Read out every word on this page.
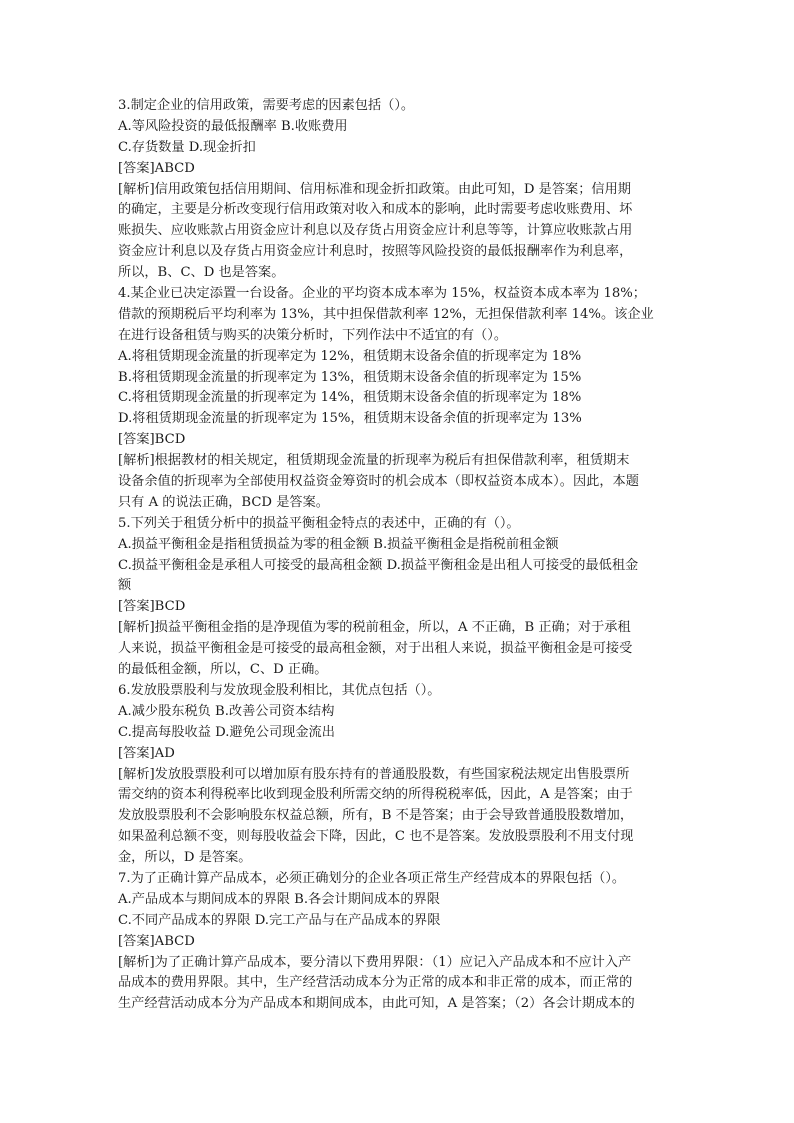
3.制定企业的信用政策，需要考虑的因素包括（）。
A.等风险投资的最低报酬率 B.收账费用
C.存货数量 D.现金折扣
[答案]ABCD
[解析]信用政策包括信用期间、信用标准和现金折扣政策。由此可知，D 是答案；信用期
的确定，主要是分析改变现行信用政策对收入和成本的影响，此时需要考虑收账费用、坏
账损失、应收账款占用资金应计利息以及存货占用资金应计利息等等，计算应收账款占用
资金应计利息以及存货占用资金应计利息时，按照等风险投资的最低报酬率作为利息率，
所以，B、C、D 也是答案。
4.某企业已决定添置一台设备。企业的平均资本成本率为 15%，权益资本成本率为 18%；
借款的预期税后平均利率为 13%，其中担保借款利率 12%，无担保借款利率 14%。该企业
在进行设备租赁与购买的决策分析时，下列作法中不适宜的有（）。
A.将租赁期现金流量的折现率定为 12%，租赁期末设备余值的折现率定为 18%
B.将租赁期现金流量的折现率定为 13%，租赁期末设备余值的折现率定为 15%
C.将租赁期现金流量的折现率定为 14%，租赁期末设备余值的折现率定为 18%
D.将租赁期现金流量的折现率定为 15%，租赁期末设备余值的折现率定为 13%
[答案]BCD
[解析]根据教材的相关规定，租赁期现金流量的折现率为税后有担保借款利率，租赁期末
设备余值的折现率为全部使用权益资金筹资时的机会成本（即权益资本成本）。因此，本题
只有 A 的说法正确，BCD 是答案。
5.下列关于租赁分析中的损益平衡租金特点的表述中，正确的有（）。
A.损益平衡租金是指租赁损益为零的租金额 B.损益平衡租金是指税前租金额
C.损益平衡租金是承租人可接受的最高租金额 D.损益平衡租金是出租人可接受的最低租金
额
[答案]BCD
[解析]损益平衡租金指的是净现值为零的税前租金，所以，A 不正确，B 正确；对于承租
人来说，损益平衡租金是可接受的最高租金额，对于出租人来说，损益平衡租金是可接受
的最低租金额，所以，C、D 正确。
6.发放股票股利与发放现金股利相比，其优点包括（）。
A.减少股东税负 B.改善公司资本结构
C.提高每股收益 D.避免公司现金流出
[答案]AD
[解析]发放股票股利可以增加原有股东持有的普通股股数，有些国家税法规定出售股票所
需交纳的资本利得税率比收到现金股利所需交纳的所得税税率低，因此，A 是答案；由于
发放股票股利不会影响股东权益总额，所有，B 不是答案；由于会导致普通股股数增加，
如果盈利总额不变，则每股收益会下降，因此，C 也不是答案。发放股票股利不用支付现
金，所以，D 是答案。
7.为了正确计算产品成本，必须正确划分的企业各项正常生产经营成本的界限包括（）。
A.产品成本与期间成本的界限 B.各会计期间成本的界限
C.不同产品成本的界限 D.完工产品与在产品成本的界限
[答案]ABCD
[解析]为了正确计算产品成本，要分清以下费用界限：（1）应记入产品成本和不应计入产
品成本的费用界限。其中，生产经营活动成本分为正常的成本和非正常的成本，而正常的
生产经营活动成本分为产品成本和期间成本，由此可知，A 是答案；（2）各会计期成本的
